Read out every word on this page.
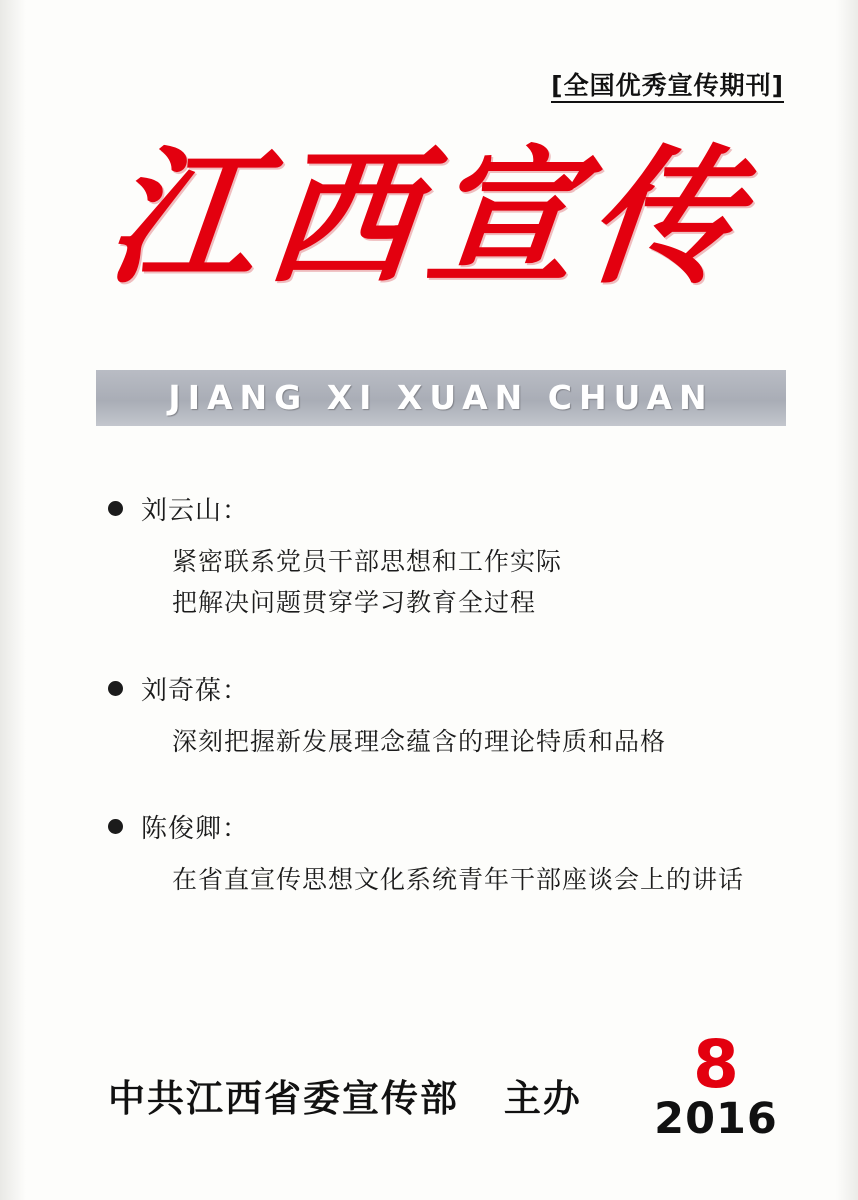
[全国优秀宣传期刊]
江西宣传
JIANG XI XUAN CHUAN
刘云山：
紧密联系党员干部思想和工作实际
把解决问题贯穿学习教育全过程
刘奇葆：
深刻把握新发展理念蕴含的理论特质和品格
陈俊卿：
在省直宣传思想文化系统青年干部座谈会上的讲话
中共江西省委宣传部 主办	8
2016
